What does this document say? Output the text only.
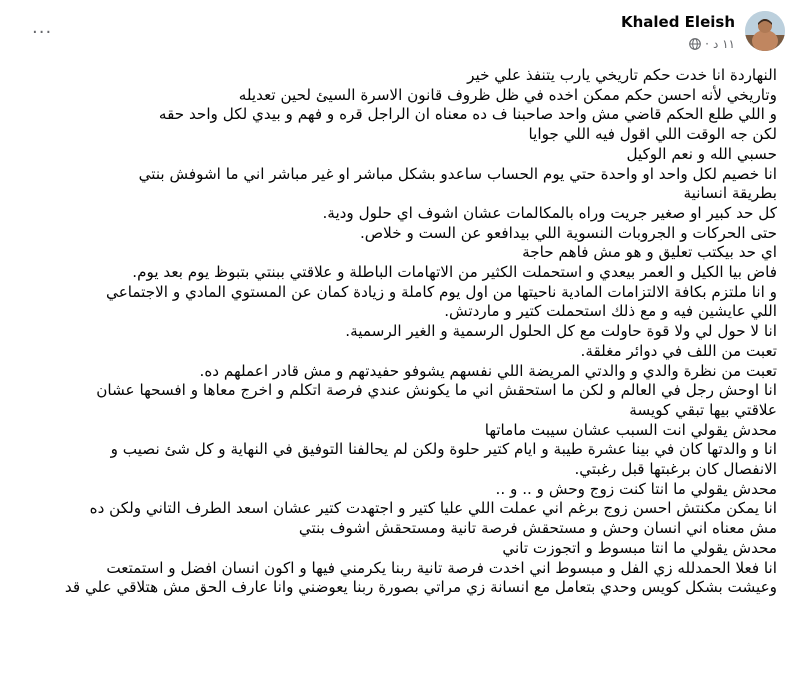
···	Khaled Eleish
١١ د
·
النهاردة انا خدت حكم تاريخي يارب يتنفذ علي خير
وتاريخي لأنه احسن حكم ممكن اخده في ظل ظروف قانون الاسرة السيئ لحين تعديله
و اللي طلع الحكم قاضي مش واحد صاحبنا ف ده معناه ان الراجل قره و فهم و بيدي لكل واحد حقه
لكن جه الوقت اللي اقول فيه اللي جوايا
حسبي الله و نعم الوكيل
انا خصيم لكل واحد او واحدة حتي يوم الحساب ساعدو بشكل مباشر او غير مباشر اني ما اشوفش بنتي
بطريقة انسانية
كل حد كبير او صغير جريت وراه بالمكالمات عشان اشوف اي حلول ودية.
حتى الحركات و الجروبات النسوية اللي بيدافعو عن الست و خلاص.
اي حد بيكتب تعليق و هو مش فاهم حاجة
فاض بيا الكيل و العمر بيعدي و استحملت الكثير من الاتهامات الباطلة و علاقتي ببنتي بتبوظ يوم بعد يوم.
و انا ملتزم بكافة الالتزامات المادية ناحيتها من اول يوم كاملة و زيادة كمان عن المستوي المادي و الاجتماعي
اللي عايشين فيه و مع ذلك استحملت كتير و ماردتش.
انا لا حول لي ولا قوة حاولت مع كل الحلول الرسمية و الغير الرسمية.
تعبت من اللف في دوائر مغلقة.
تعبت من نظرة والدي و والدتي المريضة اللي نفسهم يشوفو حفيدتهم و مش قادر اعملهم ده.
انا اوحش رجل في العالم و لكن ما استحقش اني ما يكونش عندي فرصة اتكلم و اخرج معاها و افسحها عشان
علاقتي بيها تبقي كويسة
محدش يقولي انت السبب عشان سيبت ماماتها
انا و والدتها كان في بينا عشرة طيبة و ايام كتير حلوة ولكن لم يحالفنا التوفيق في النهاية و كل شئ نصيب و
الانفصال كان برغبتها قبل رغبتي.
محدش يقولي ما انتا كنت زوج وحش و .. و ..
انا يمكن مكنتش احسن زوج برغم اني عملت اللي عليا كتير و اجتهدت كتير عشان اسعد الطرف التاني ولكن ده
مش معناه اني انسان وحش و مستحقش فرصة تانية ومستحقش اشوف بنتي
محدش يقولي ما انتا مبسوط و اتجوزت تاني
انا فعلا الحمدلله زي الفل و مبسوط اني اخدت فرصة تانية ربنا يكرمني فيها و اكون انسان افضل و استمتعت
وعيشت بشكل كويس وحدي بتعامل مع انسانة زي مراتي بصورة ربنا يعوضني وانا عارف الحق مش هتلاقي علي قد
